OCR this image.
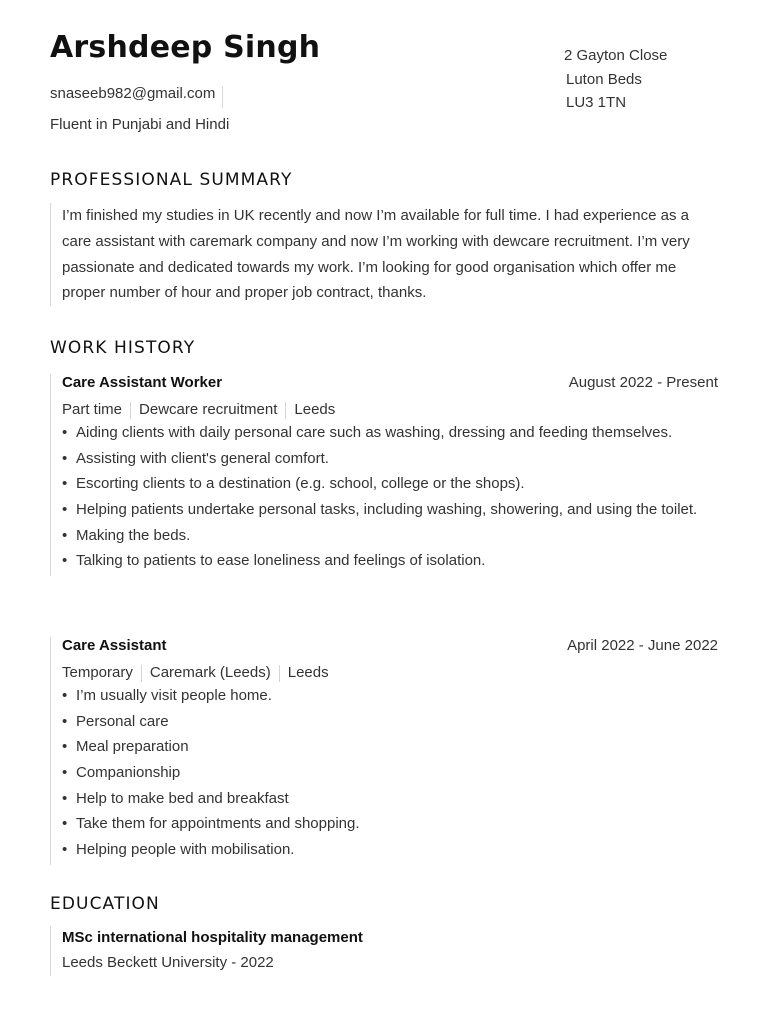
Arshdeep Singh
snaseeb982@gmail.com
Fluent in Punjabi and Hindi
2 Gayton Close
Luton Beds
LU3 1TN
PROFESSIONAL SUMMARY

I’m finished my studies in UK recently and now I’m available for full time. I had experience as a care assistant with caremark company and now I’m working with dewcare recruitment. I’m very passionate and dedicated towards my work. I’m looking for good organisation which offer me proper number of hour and proper job contract, thanks.

WORK HISTORY
Care Assistant Worker	August 2022 - Present
Part time Dewcare recruitment Leeds
• Aiding clients with daily personal care such as washing, dressing and feeding themselves.
• Assisting with client's general comfort.
• Escorting clients to a destination (e.g. school, college or the shops).
• Helping patients undertake personal tasks, including washing, showering, and using the toilet.
• Making the beds.
• Talking to patients to ease loneliness and feelings of isolation.
Care Assistant	April 2022 - June 2022
Temporary Caremark (Leeds) Leeds
• I’m usually visit people home.
• Personal care
• Meal preparation
• Companionship
• Help to make bed and breakfast
• Take them for appointments and shopping.
• Helping people with mobilisation.
EDUCATION
MSc international hospitality management
Leeds Beckett University - 2022
